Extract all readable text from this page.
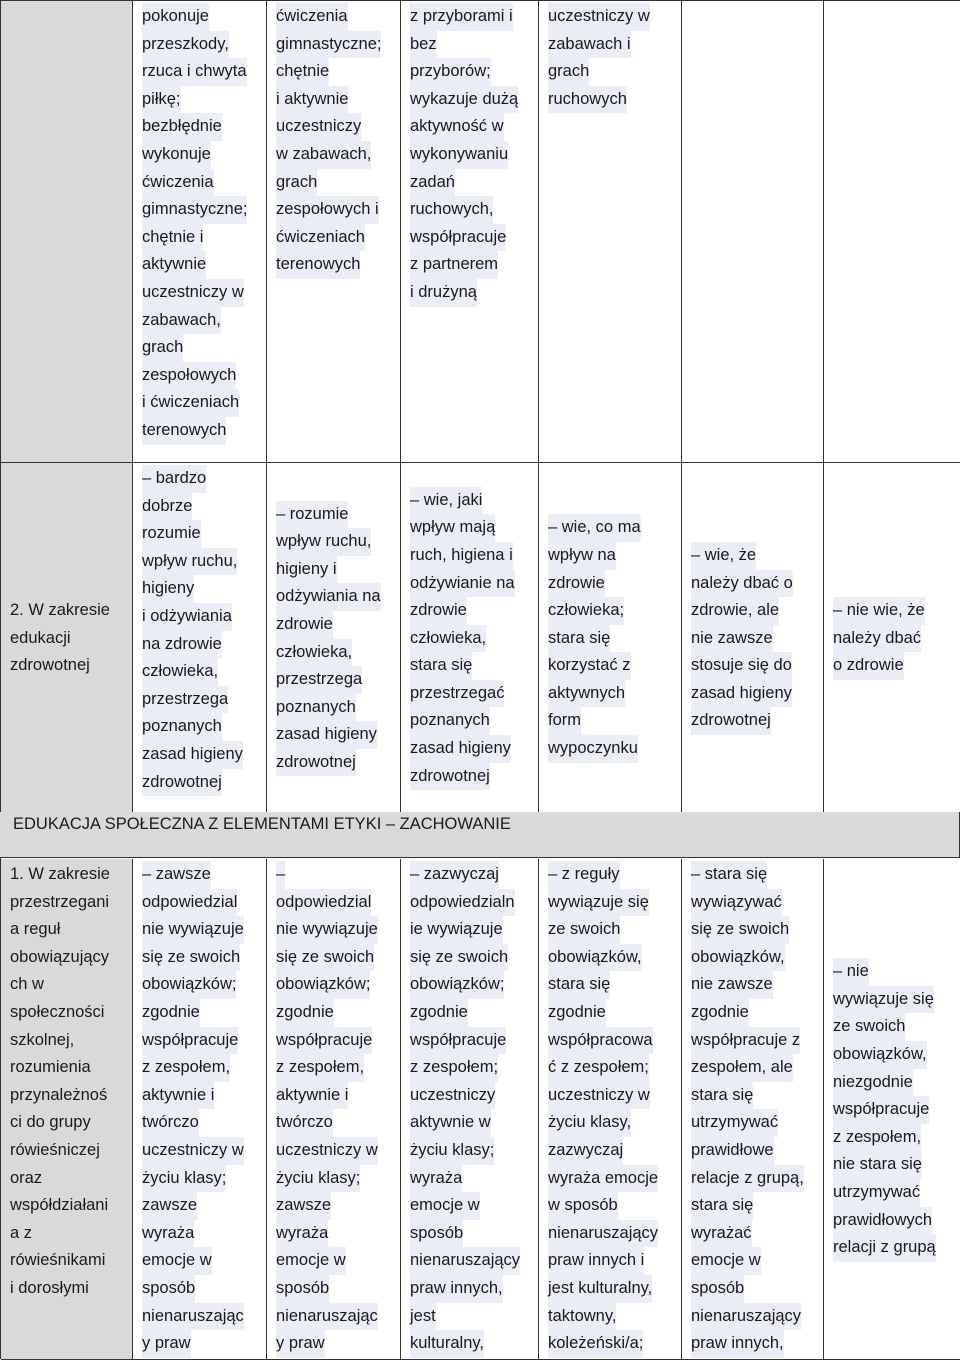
pokonuje
przeszkody,
rzuca i chwyta
piłkę;
bezbłędnie
wykonuje
ćwiczenia
gimnastyczne;
chętnie i
aktywnie
uczestniczy w
zabawach,
grach
zespołowych
i ćwiczeniach
terenowych
ćwiczenia
gimnastyczne;
chętnie
i aktywnie
uczestniczy
w zabawach,
grach
zespołowych i
ćwiczeniach
terenowych
z przyborami i
bez
przyborów;
wykazuje dużą
aktywność w
wykonywaniu
zadań
ruchowych,
współpracuje
z partnerem
i drużyną
uczestniczy w
zabawach i
grach
ruchowych
2. W zakresie
edukacji
zdrowotnej
– bardzo
dobrze
rozumie
wpływ ruchu,
higieny
i odżywiania
na zdrowie
człowieka,
przestrzega
poznanych
zasad higieny
zdrowotnej
– rozumie
wpływ ruchu,
higieny i
odżywiania na
zdrowie
człowieka,
przestrzega
poznanych
zasad higieny
zdrowotnej
– wie, jaki
wpływ mają
ruch, higiena i
odżywianie na
zdrowie
człowieka,
stara się
przestrzegać
poznanych
zasad higieny
zdrowotnej
– wie, co ma
wpływ na
zdrowie
człowieka;
stara się
korzystać z
aktywnych
form
wypoczynku
– wie, że
należy dbać o
zdrowie, ale
nie zawsze
stosuje się do
zasad higieny
zdrowotnej
– nie wie, że
należy dbać
o zdrowie
1. W zakresie
przestrzegani
a reguł
obowiązujący
ch w
społeczności
szkolnej,
rozumienia
przynależnoś
ci do grupy
rówieśniczej
oraz
współdziałani
a z
rówieśnikami
i dorosłymi
– zawsze
odpowiedzial
nie wywiązuje
się ze swoich
obowiązków;
zgodnie
współpracuje
z zespołem,
aktywnie i
twórczo
uczestniczy w
życiu klasy;
zawsze
wyraża
emocje w
sposób
nienaruszając
y praw
–
odpowiedzial
nie wywiązuje
się ze swoich
obowiązków;
zgodnie
współpracuje
z zespołem,
aktywnie i
twórczo
uczestniczy w
życiu klasy;
zawsze
wyraża
emocje w
sposób
nienaruszając
y praw
– zazwyczaj
odpowiedzialn
ie wywiązuje
się ze swoich
obowiązków;
zgodnie
współpracuje
z zespołem;
uczestniczy
aktywnie w
życiu klasy;
wyraża
emocje w
sposób
nienaruszający
praw innych,
jest
kulturalny,
– z reguły
wywiązuje się
ze swoich
obowiązków,
stara się
zgodnie
współpracowa
ć z zespołem;
uczestniczy w
życiu klasy,
zazwyczaj
wyraża emocje
w sposób
nienaruszający
praw innych i
jest kulturalny,
taktowny,
koleżeński/a;
– stara się
wywiązywać
się ze swoich
obowiązków,
nie zawsze
zgodnie
współpracuje z
zespołem, ale
stara się
utrzymywać
prawidłowe
relacje z grupą,
stara się
wyrażać
emocje w
sposób
nienaruszający
praw innych,
– nie
wywiązuje się
ze swoich
obowiązków,
niezgodnie
współpracuje
z zespołem,
nie stara się
utrzymywać
prawidłowych
relacji z grupą
EDUKACJA SPOŁECZNA Z ELEMENTAMI ETYKI – ZACHOWANIE
